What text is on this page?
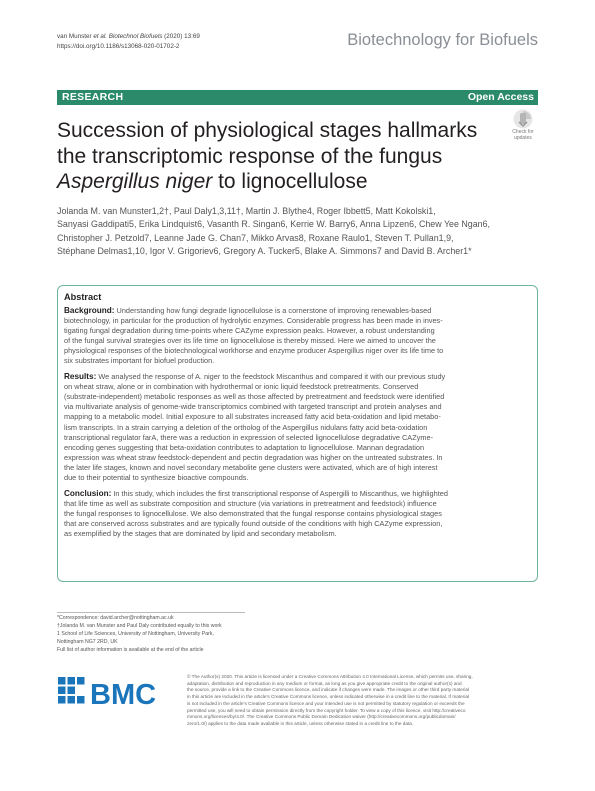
van Munster et al. Biotechnol Biofuels (2020) 13:69
https://doi.org/10.1186/s13068-020-01702-2	Biotechnology for Biofuels
RESEARCH	Open Access
Check for
updates
Succession of physiological stages hallmarks
the transcriptomic response of the fungus
Aspergillus niger to lignocellulose
Jolanda M. van Munster1,2†, Paul Daly1,3,11†, Martin J. Blythe4, Roger Ibbett5, Matt Kokolski1,
Sanyasi Gaddipati5, Erika Lindquist6, Vasanth R. Singan6, Kerrie W. Barry6, Anna Lipzen6, Chew Yee Ngan6,
Christopher J. Petzold7, Leanne Jade G. Chan7, Mikko Arvas8, Roxane Raulo1, Steven T. Pullan1,9,
Stéphane Delmas1,10, Igor V. Grigoriev6, Gregory A. Tucker5, Blake A. Simmons7 and David B. Archer1*
Abstract

Background: Understanding how fungi degrade lignocellulose is a cornerstone of improving renewables-based
biotechnology, in particular for the production of hydrolytic enzymes. Considerable progress has been made in inves-
tigating fungal degradation during time-points where CAZyme expression peaks. However, a robust understanding
of the fungal survival strategies over its life time on lignocellulose is thereby missed. Here we aimed to uncover the
physiological responses of the biotechnological workhorse and enzyme producer Aspergillus niger over its life time to
six substrates important for biofuel production.

Results: We analysed the response of A. niger to the feedstock Miscanthus and compared it with our previous study
on wheat straw, alone or in combination with hydrothermal or ionic liquid feedstock pretreatments. Conserved
(substrate-independent) metabolic responses as well as those affected by pretreatment and feedstock were identified
via multivariate analysis of genome-wide transcriptomics combined with targeted transcript and protein analyses and
mapping to a metabolic model. Initial exposure to all substrates increased fatty acid beta-oxidation and lipid metabo-
lism transcripts. In a strain carrying a deletion of the ortholog of the Aspergillus nidulans fatty acid beta-oxidation
transcriptional regulator farA, there was a reduction in expression of selected lignocellulose degradative CAZyme-
encoding genes suggesting that beta-oxidation contributes to adaptation to lignocellulose. Mannan degradation
expression was wheat straw feedstock-dependent and pectin degradation was higher on the untreated substrates. In
the later life stages, known and novel secondary metabolite gene clusters were activated, which are of high interest
due to their potential to synthesize bioactive compounds.

Conclusion: In this study, which includes the first transcriptional response of Aspergilli to Miscanthus, we highlighted
that life time as well as substrate composition and structure (via variations in pretreatment and feedstock) influence
the fungal responses to lignocellulose. We also demonstrated that the fungal response contains physiological stages
that are conserved across substrates and are typically found outside of the conditions with high CAZyme expression,
as exemplified by the stages that are dominated by lipid and secondary metabolism.

*Correspondence: david.archer@nottingham.ac.uk
†Jolanda M. van Munster and Paul Daly contributed equally to this work
1 School of Life Sciences, University of Nottingham, University Park,
Nottingham NG7 2RD, UK
Full list of author information is available at the end of the article
BMC
© The Author(s) 2020. This article is licensed under a Creative Commons Attribution 4.0 International License, which permits use, sharing,
adaptation, distribution and reproduction in any medium or format, as long as you give appropriate credit to the original author(s) and
the source, provide a link to the Creative Commons licence, and indicate if changes were made. The images or other third party material
in this article are included in the article's Creative Commons licence, unless indicated otherwise in a credit line to the material. If material
is not included in the article's Creative Commons licence and your intended use is not permitted by statutory regulation or exceeds the
permitted use, you will need to obtain permission directly from the copyright holder. To view a copy of this licence, visit http://creativeco
mmons.org/licenses/by/4.0/. The Creative Commons Public Domain Dedication waiver (http://creativecommons.org/publicdomain/
zero/1.0/) applies to the data made available in this article, unless otherwise stated in a credit line to the data.
